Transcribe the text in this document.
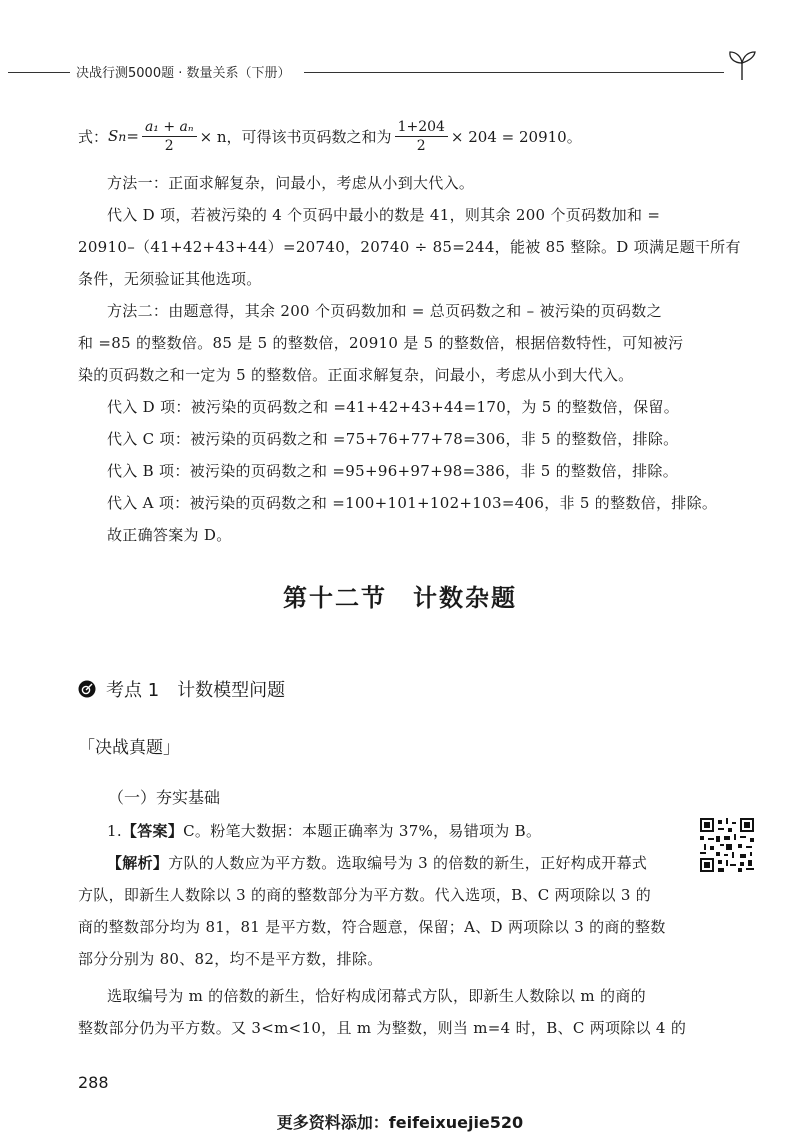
决战行测5000题 · 数量关系（下册）
式： S $n = \frac{\text{a₁ + aₙ}}{2} \times n$，可得该书页码数之和为 $\frac{1+204}{2} \times 204 = 20910$。
方法一：正面求解复杂，问最小，考虑从小到大代入。
代入 D 项，若被污染的 4 个页码中最小的数是 41，则其余 200 个页码数加和 =
20910–（41+42+43+44）=20740，20740 ÷ 85=244，能被 85 整除。D 项满足题干所有
条件，无须验证其他选项。
方法二：由题意得，其余 200 个页码数加和 = 总页码数之和 – 被污染的页码数之
和 =85 的整数倍。85 是 5 的整数倍，20910 是 5 的整数倍，根据倍数特性，可知被污
染的页码数之和一定为 5 的整数倍。正面求解复杂，问最小，考虑从小到大代入。
代入 D 项：被污染的页码数之和 =41+42+43+44=170，为 5 的整数倍，保留。
代入 C 项：被污染的页码数之和 =75+76+77+78=306，非 5 的整数倍，排除。
代入 B 项：被污染的页码数之和 =95+96+97+98=386，非 5 的整数倍，排除。
代入 A 项：被污染的页码数之和 =100+101+102+103=406，非 5 的整数倍，排除。
故正确答案为 D。
第十二节　计数杂题
考点 1　计数模型问题
「决战真题」
（一）夯实基础
1.【答案】C。粉笔大数据：本题正确率为 37%，易错项为 B。
【解析】方队的人数应为平方数。选取编号为 3 的倍数的新生，正好构成开幕式
方队，即新生人数除以 3 的商的整数部分为平方数。代入选项，B、C 两项除以 3 的
商的整数部分均为 81，81 是平方数，符合题意，保留；A、D 两项除以 3 的商的整数
部分分别为 80、82，均不是平方数，排除。
选取编号为 m 的倍数的新生，恰好构成闭幕式方队，即新生人数除以 m 的商的
整数部分仍为平方数。又 3<m<10，且 m 为整数，则当 m=4 时，B、C 两项除以 4 的
288
更多资料添加：feifeixuejie520
